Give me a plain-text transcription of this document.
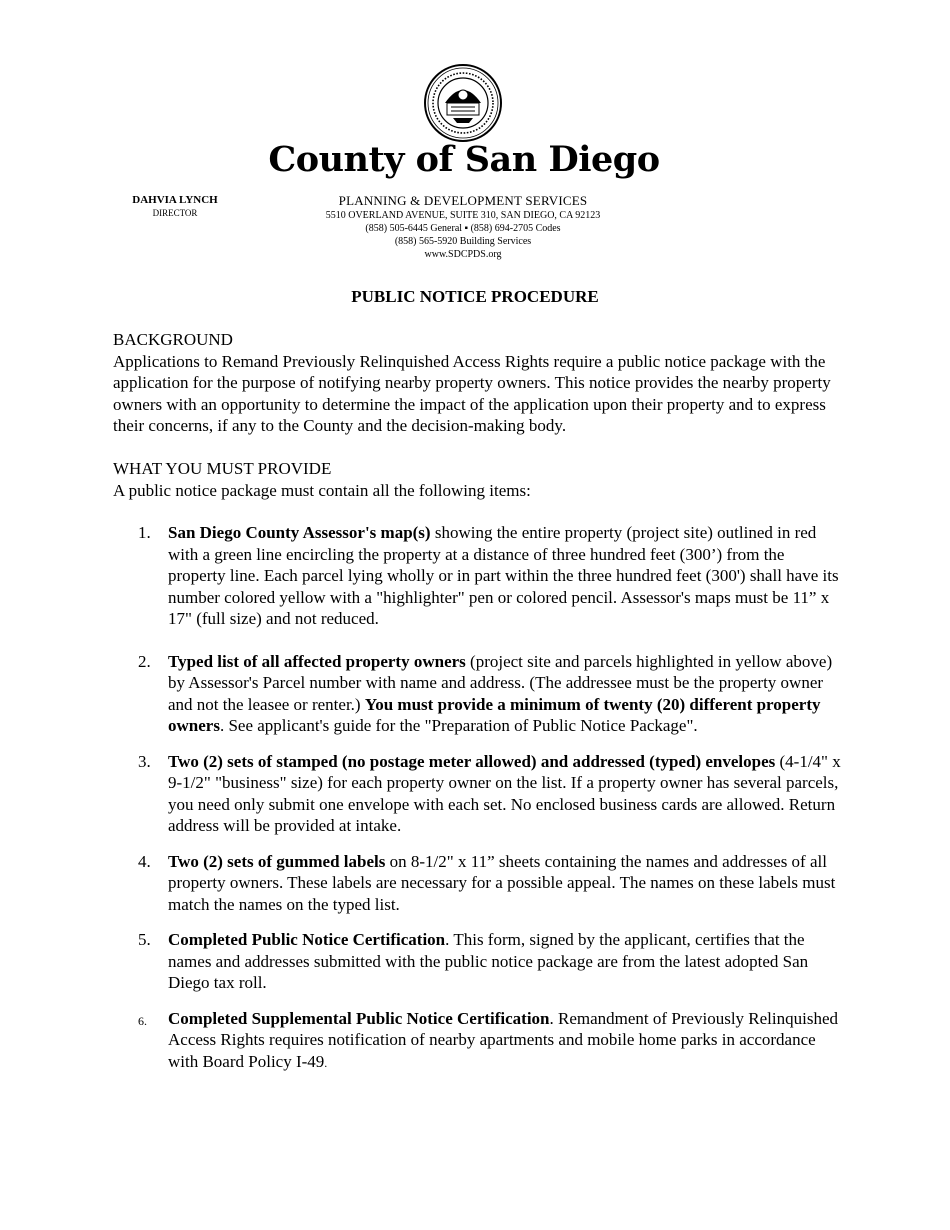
County of San Diego
DAHVIA LYNCH
DIRECTOR
PLANNING & DEVELOPMENT SERVICES
5510 OVERLAND AVENUE, SUITE 310, SAN DIEGO, CA 92123
(858) 505-6445 General ▪ (858) 694-2705 Codes
(858) 565-5920 Building Services
www.SDCPDS.org
PUBLIC NOTICE PROCEDURE
BACKGROUND
Applications to Remand Previously Relinquished Access Rights require a public notice package with the application for the purpose of notifying nearby property owners. This notice provides the nearby property owners with an opportunity to determine the impact of the application upon their property and to express their concerns, if any to the County and the decision-making body.
WHAT YOU MUST PROVIDE
A public notice package must contain all the following items:
1. San Diego County Assessor's map(s) showing the entire property (project site) outlined in red with a green line encircling the property at a distance of three hundred feet (300’) from the property line. Each parcel lying wholly or in part within the three hundred feet (300') shall have its number colored yellow with a "highlighter" pen or colored pencil. Assessor's maps must be 11” x 17" (full size) and not reduced.
2. Typed list of all affected property owners (project site and parcels highlighted in yellow above) by Assessor's Parcel number with name and address. (The addressee must be the property owner and not the leasee or renter.) You must provide a minimum of twenty (20) different property owners. See applicant's guide for the "Preparation of Public Notice Package".
3. Two (2) sets of stamped (no postage meter allowed) and addressed (typed) envelopes (4-1/4" x 9-1/2" "business" size) for each property owner on the list. If a property owner has several parcels, you need only submit one envelope with each set. No enclosed business cards are allowed. Return address will be provided at intake.
4. Two (2) sets of gummed labels on 8-1/2" x 11” sheets containing the names and addresses of all property owners. These labels are necessary for a possible appeal. The names on these labels must match the names on the typed list.
5. Completed Public Notice Certification. This form, signed by the applicant, certifies that the names and addresses submitted with the public notice package are from the latest adopted San Diego tax roll.
6. Completed Supplemental Public Notice Certification. Remandment of Previously Relinquished Access Rights requires notification of nearby apartments and mobile home parks in accordance with Board Policy I-49.
